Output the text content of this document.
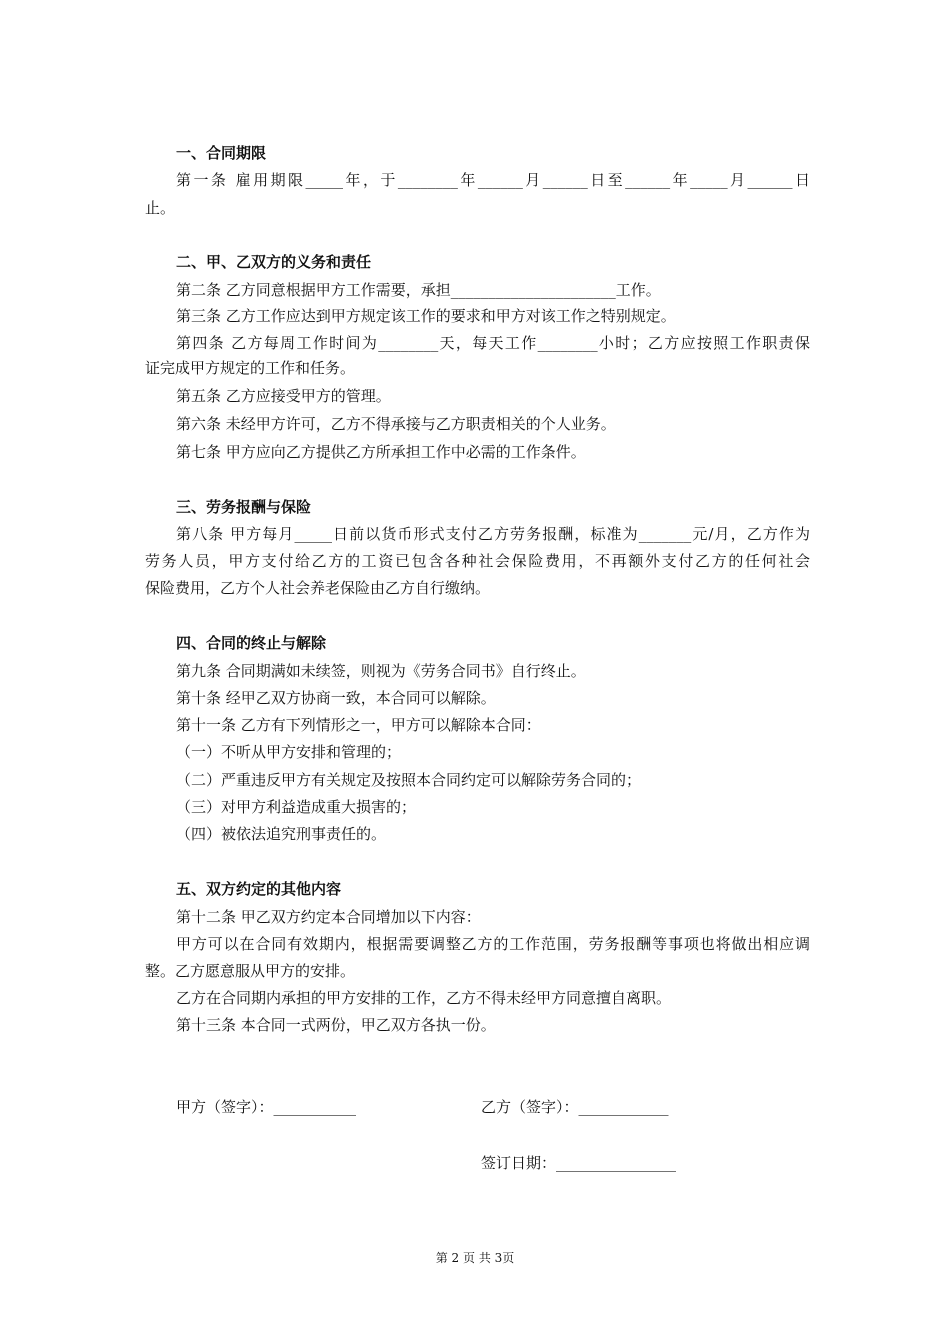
一、合同期限
第一条 雇用期限_____年，于________年______月______日至______年_____月______日
止。
二、甲、乙双方的义务和责任
第二条 乙方同意根据甲方工作需要，承担______________________工作。
第三条 乙方工作应达到甲方规定该工作的要求和甲方对该工作之特别规定。
第四条 乙方每周工作时间为________天，每天工作________小时；乙方应按照工作职责保
证完成甲方规定的工作和任务。
第五条 乙方应接受甲方的管理。
第六条 未经甲方许可，乙方不得承接与乙方职责相关的个人业务。
第七条 甲方应向乙方提供乙方所承担工作中必需的工作条件。
三、劳务报酬与保险
第八条 甲方每月_____日前以货币形式支付乙方劳务报酬，标准为_______元/月，乙方作为
劳务人员，甲方支付给乙方的工资已包含各种社会保险费用，不再额外支付乙方的任何社会
保险费用，乙方个人社会养老保险由乙方自行缴纳。
四、合同的终止与解除
第九条 合同期满如未续签，则视为《劳务合同书》自行终止。
第十条 经甲乙双方协商一致，本合同可以解除。
第十一条 乙方有下列情形之一，甲方可以解除本合同：
（一）不听从甲方安排和管理的；
（二）严重违反甲方有关规定及按照本合同约定可以解除劳务合同的；
（三）对甲方利益造成重大损害的；
（四）被依法追究刑事责任的。
五、双方约定的其他内容
第十二条 甲乙双方约定本合同增加以下内容：
甲方可以在合同有效期内，根据需要调整乙方的工作范围，劳务报酬等事项也将做出相应调
整。乙方愿意服从甲方的安排。
乙方在合同期内承担的甲方安排的工作，乙方不得未经甲方同意擅自离职。
第十三条 本合同一式两份，甲乙双方各执一份。
甲方（签字）：___________	乙方（签字）：____________
签订日期：________________
第 2 页 共 3页
